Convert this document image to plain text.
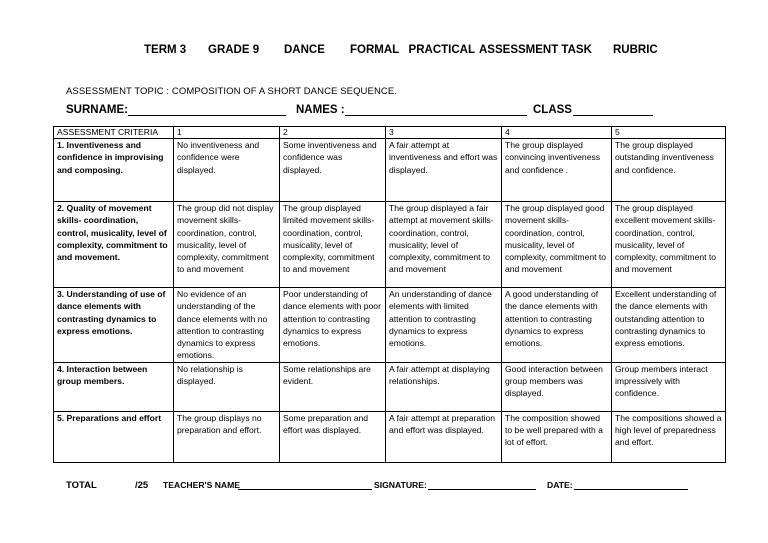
TERM 3

GRADE 9

DANCE

FORMAL   PRACTICAL

ASSESSMENT TASK

RUBRIC

ASSESSMENT TOPIC : COMPOSITION OF A SHORT DANCE SEQUENCE.
SURNAME:	NAMES :	CLASS
ASSESSMENT CRITERIA	1	2	3	4	5
1. Inventiveness and confidence in improvising and composing.	No inventiveness and confidence were displayed.	Some inventiveness and confidence was displayed.	A fair attempt at inventiveness and effort was displayed.	The group displayed convincing inventiveness and confidence .	The group displayed outstanding inventiveness and confidence.
2. Quality of movement skills- coordination, control, musicality, level of complexity, commitment to and movement.	The group did not display movement skills- coordination, control, musicality, level of complexity, commitment to and movement	The group displayed limited movement skills- coordination, control, musicality, level of complexity, commitment to and movement	The group displayed a fair attempt at movement skills-coordination, control, musicality, level of complexity, commitment to and movement	The group displayed good movement skills-coordination, control, musicality, level of complexity, commitment to and movement	The group displayed excellent movement skills- coordination, control, musicality, level of complexity, commitment to and movement
3. Understanding of use of dance elements with contrasting dynamics to express emotions.	No evidence of an understanding of the dance elements with no attention to contrasting dynamics to express emotions.	Poor understanding of dance elements with poor attention to contrasting dynamics to express emotions.	An understanding of dance elements with limited attention to contrasting dynamics to express emotions.	A good understanding of the dance elements with attention to contrasting dynamics to express emotions.	Excellent understanding of the dance elements with outstanding attention to contrasting dynamics to express emotions.
4. Interaction between group members.	No relationship is displayed.	Some relationships are evident.	A fair attempt at displaying relationships.	Good interaction between group members was displayed.	Group members interact impressively with confidence.
5. Preparations and effort	The group displays no preparation and effort.	Some preparation and effort was displayed.	A fair attempt at preparation and effort was displayed.	The composition showed to be well prepared with a lot of effort.	The compositions showed a high level of preparedness and effort.
TOTAL	/25 TEACHER'S NAME	SIGNATURE:	DATE:
